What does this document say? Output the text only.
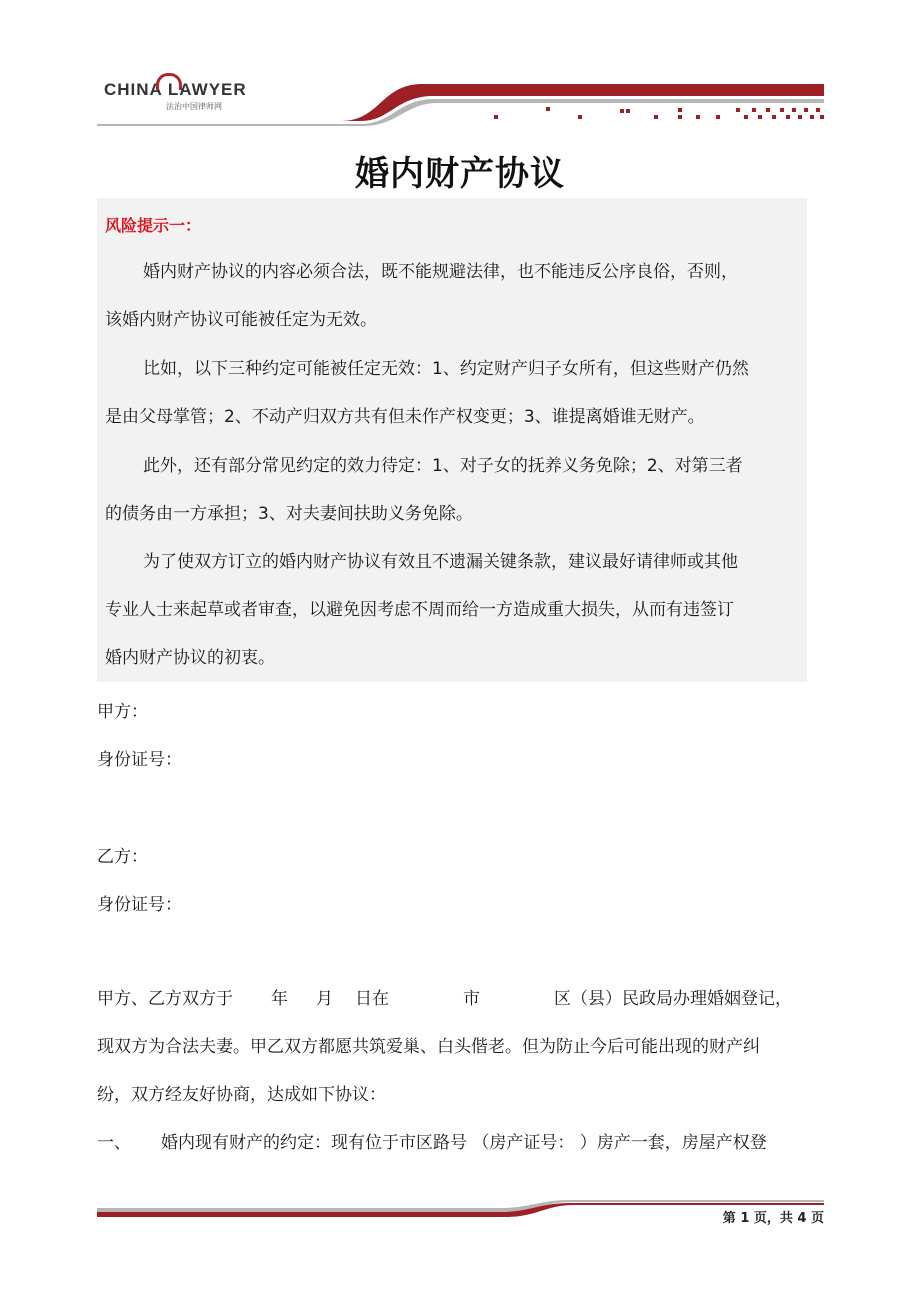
CHINA LAWYER
法治中国律师网
婚内财产协议
风险提示一：

婚内财产协议的内容必须合法，既不能规避法律，也不能违反公序良俗，否则，
该婚内财产协议可能被任定为无效。

比如，以下三种约定可能被任定无效：1、约定财产归子女所有，但这些财产仍然
是由父母掌管；2、不动产归双方共有但未作产权变更；3、谁提离婚谁无财产。

此外，还有部分常见约定的效力待定：1、对子女的抚养义务免除；2、对第三者
的债务由一方承担；3、对夫妻间扶助义务免除。

为了使双方订立的婚内财产协议有效且不遗漏关键条款，建议最好请律师或其他
专业人士来起草或者审查，以避免因考虑不周而给一方造成重大损失，从而有违签订
婚内财产协议的初衷。

甲方：
身份证号：
乙方：
身份证号：

甲方、乙方双方于 年 月 日在	市	区（县）民政局办理婚姻登记，
现双方为合法夫妻。甲乙双方都愿共筑爱巢、白头偕老。但为防止今后可能出现的财产纠
纷，双方经友好协商，达成如下协议：

一、 婚内现有财产的约定：现有位于市区路号 （房产证号： ）房产一套，房屋产权登

第 1 页，共 4 页
